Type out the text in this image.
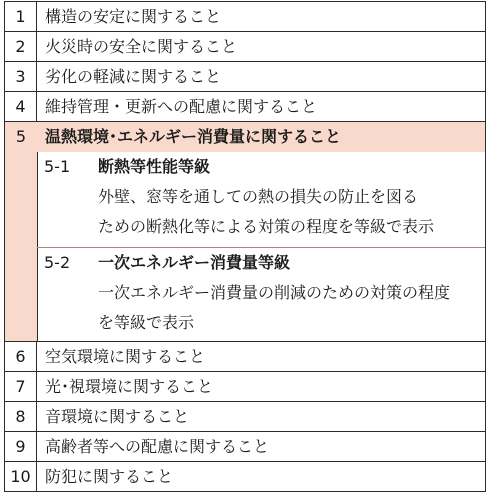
1	構造の安定に関すること
2	火災時の安全に関すること
3	劣化の軽減に関すること
4	維持管理・更新への配慮に関すること
5	温熱環境･エネルギー消費量に関すること
5-1 断熱等性能等級
外壁、窓等を通しての熱の損失の防止を図る
ための断熱化等による対策の程度を等級で表示
5-2 一次エネルギー消費量等級
一次エネルギー消費量の削減のための対策の程度
を等級で表示
6	空気環境に関すること
7	光･視環境に関すること
8	音環境に関すること
9	高齢者等への配慮に関すること
10 防犯に関すること
